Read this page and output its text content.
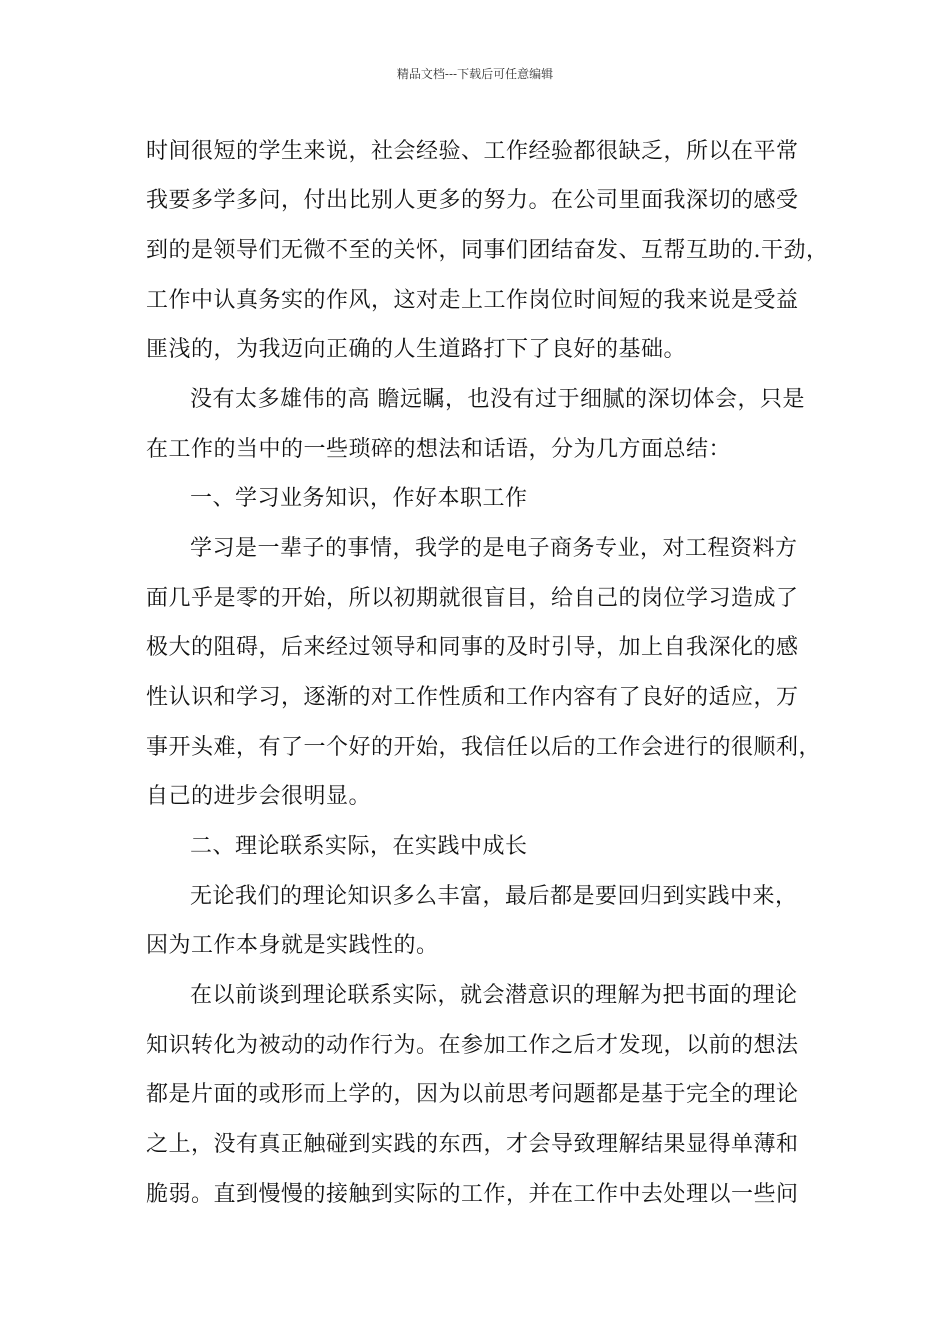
精品文档---下载后可任意编辑
时间很短的学生来说，社会经验、工作经验都很缺乏，所以在平常
我要多学多问，付出比别人更多的努力。在公司里面我深切的感受
到的是领导们无微不至的关怀，同事们团结奋发、互帮互助的.干劲，
工作中认真务实的作风，这对走上工作岗位时间短的我来说是受益
匪浅的，为我迈向正确的人生道路打下了良好的基础。
没有太多雄伟的高 瞻远瞩，也没有过于细腻的深切体会，只是
在工作的当中的一些琐碎的想法和话语，分为几方面总结：
一、学习业务知识，作好本职工作
学习是一辈子的事情，我学的是电子商务专业，对工程资料方
面几乎是零的开始，所以初期就很盲目，给自己的岗位学习造成了
极大的阻碍，后来经过领导和同事的及时引导，加上自我深化的感
性认识和学习，逐渐的对工作性质和工作内容有了良好的适应，万
事开头难，有了一个好的开始，我信任以后的工作会进行的很顺利，
自己的进步会很明显。
二、理论联系实际，在实践中成长
无论我们的理论知识多么丰富，最后都是要回归到实践中来，
因为工作本身就是实践性的。
在以前谈到理论联系实际，就会潜意识的理解为把书面的理论
知识转化为被动的动作行为。在参加工作之后才发现，以前的想法
都是片面的或形而上学的，因为以前思考问题都是基于完全的理论
之上，没有真正触碰到实践的东西，才会导致理解结果显得单薄和
脆弱。直到慢慢的接触到实际的工作，并在工作中去处理以一些问
